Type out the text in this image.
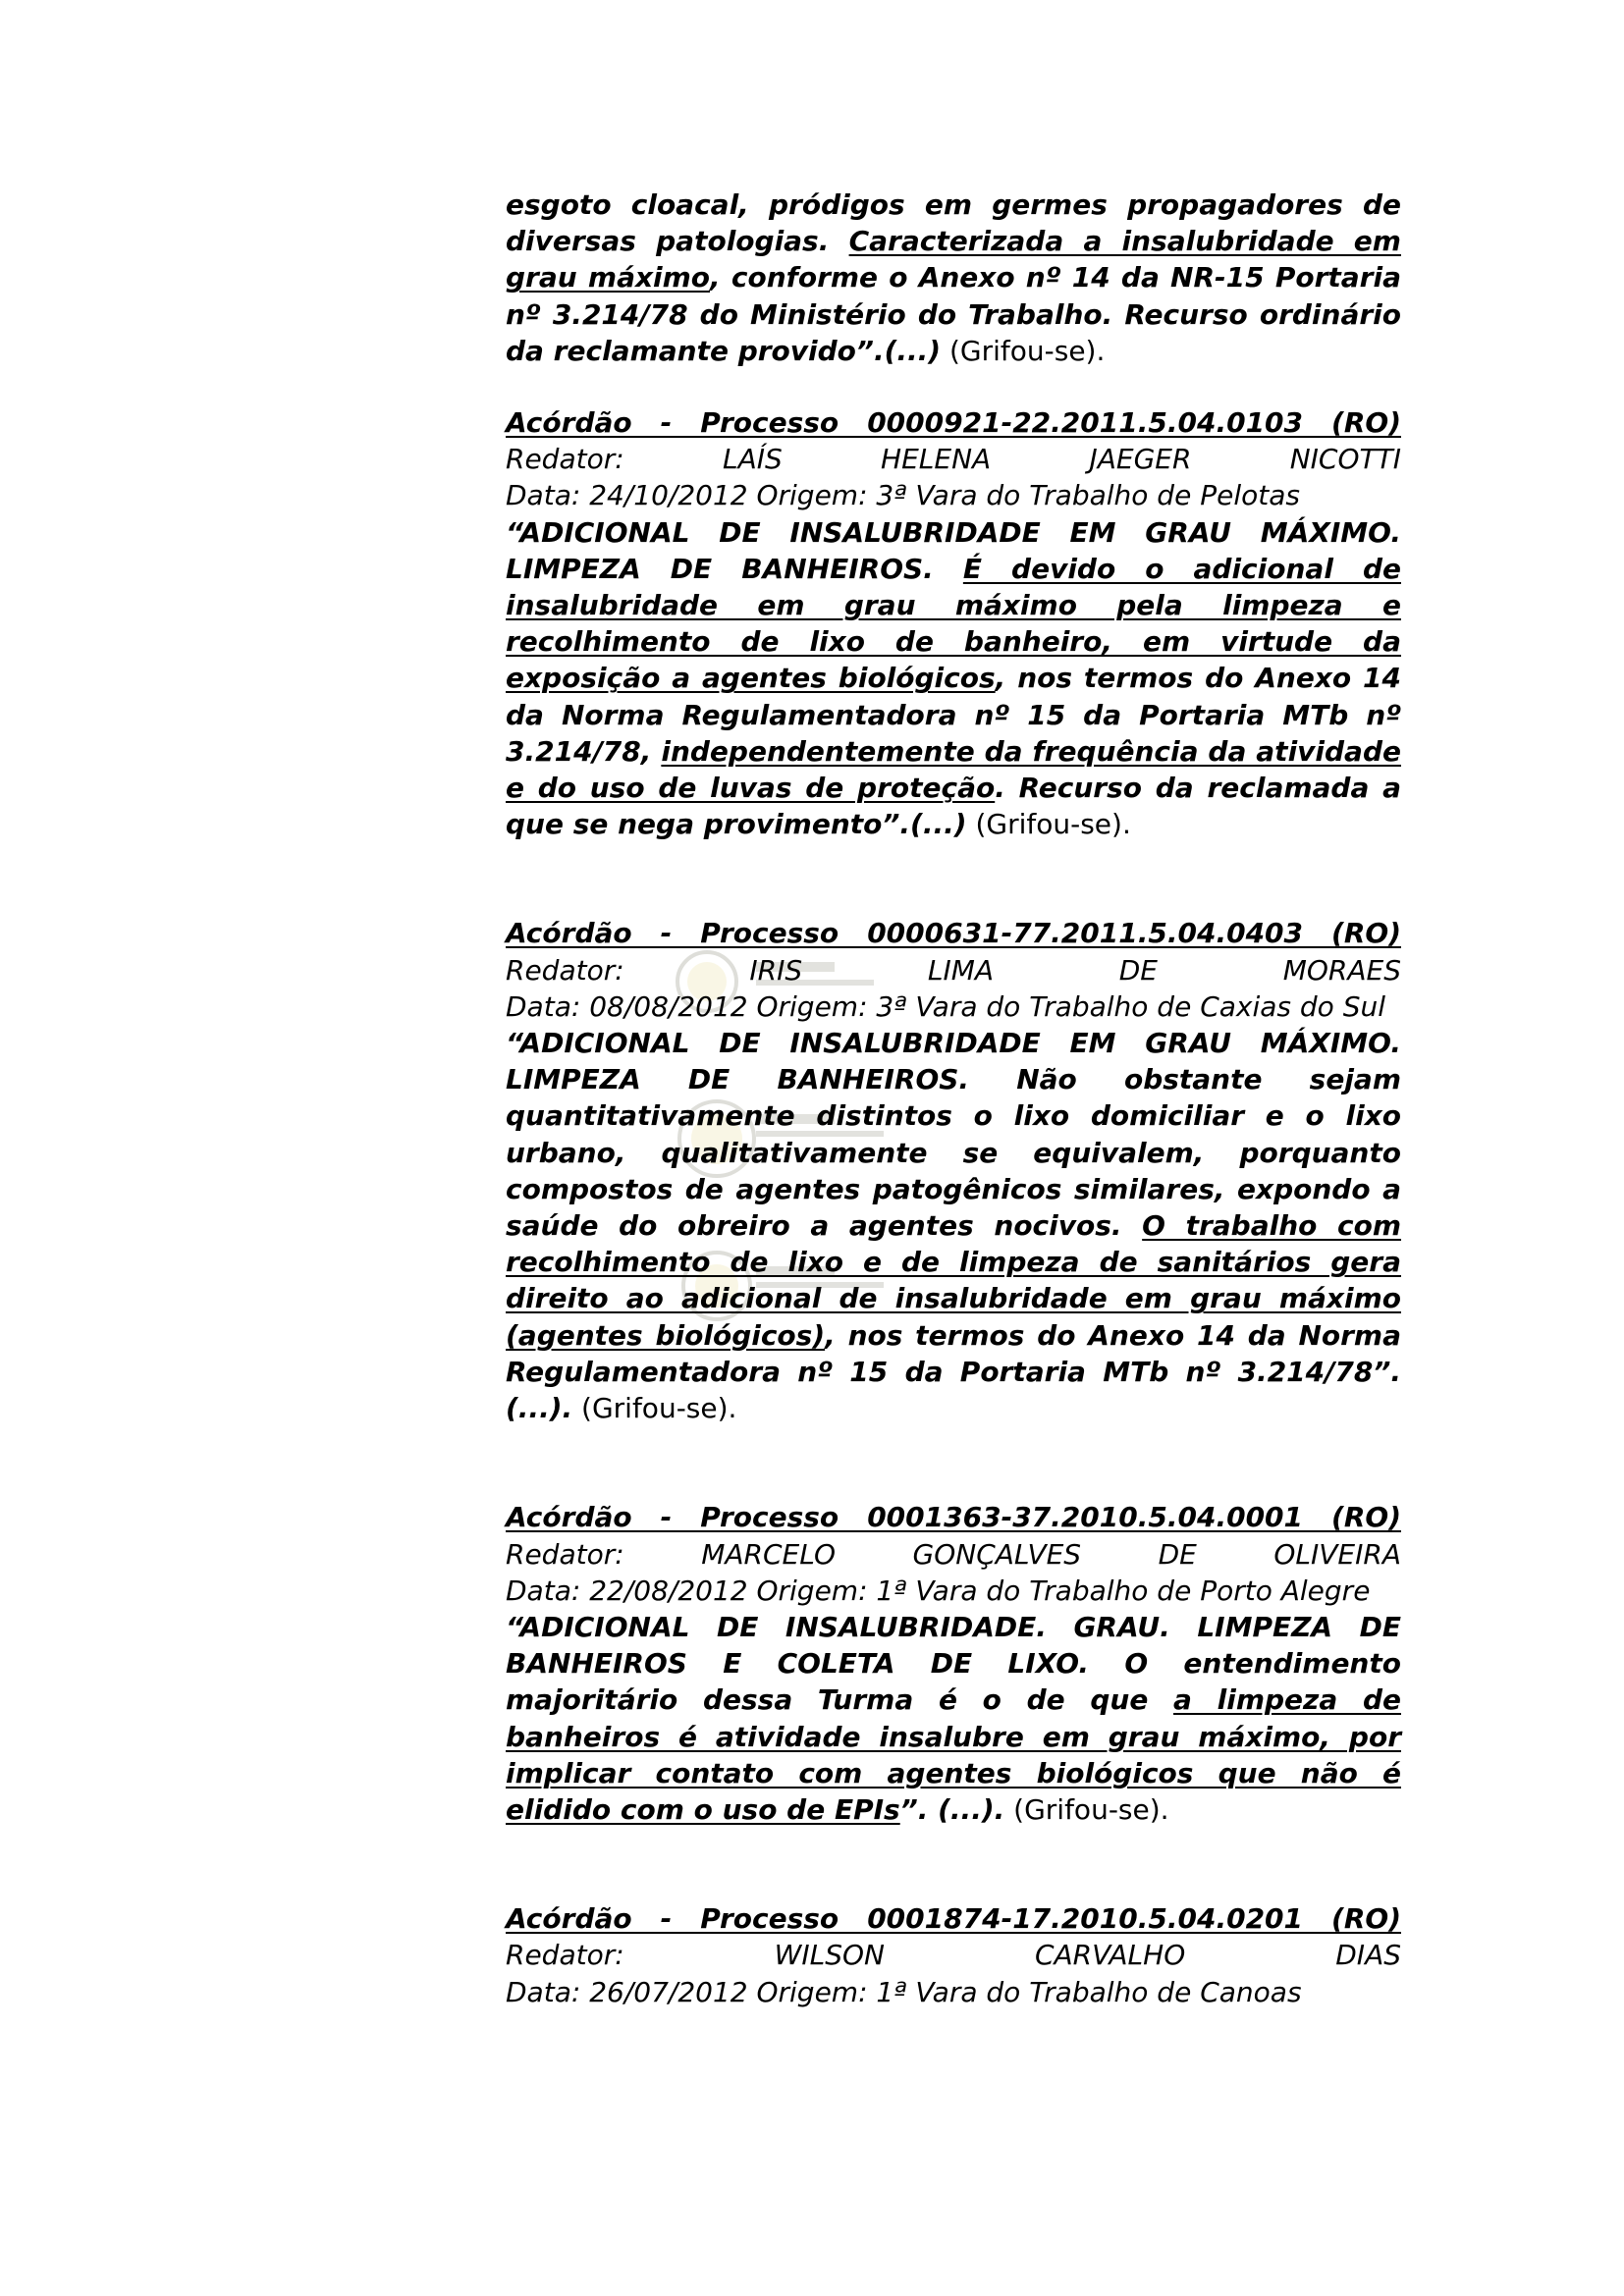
esgoto cloacal, pródigos em germes propagadores de diversas patologias. Caracterizada a insalubridade em grau máximo, conforme o Anexo nº 14 da NR-15 Portaria nº 3.214/78 do Ministério do Trabalho. Recurso ordinário da reclamante provido”.(...) (Grifou-se).

Acórdão - Processo 0000921-22.2011.5.04.0103 (RO)
Redator: LAÍS HELENA JAEGER NICOTTI
Data: 24/10/2012 Origem: 3ª Vara do Trabalho de Pelotas

“ADICIONAL DE INSALUBRIDADE EM GRAU MÁXIMO. LIMPEZA DE BANHEIROS. É devido o adicional de insalubridade em grau máximo pela limpeza e recolhimento de lixo de banheiro, em virtude da exposição a agentes biológicos, nos termos do Anexo 14 da Norma Regulamentadora nº 15 da Portaria MTb nº 3.214/78, independentemente da frequência da atividade e do uso de luvas de proteção. Recurso da reclamada a que se nega provimento”.(...) (Grifou-se).

Acórdão - Processo 0000631-77.2011.5.04.0403 (RO)
Redator: IRIS LIMA DE MORAES
Data: 08/08/2012 Origem: 3ª Vara do Trabalho de Caxias do Sul

“ADICIONAL DE INSALUBRIDADE EM GRAU MÁXIMO. LIMPEZA DE BANHEIROS. Não obstante sejam quantitativamente distintos o lixo domiciliar e o lixo urbano, qualitativamente se equivalem, porquanto compostos de agentes patogênicos similares, expondo a saúde do obreiro a agentes nocivos. O trabalho com recolhimento de lixo e de limpeza de sanitários gera direito ao adicional de insalubridade em grau máximo (agentes biológicos), nos termos do Anexo 14 da Norma Regulamentadora nº 15 da Portaria MTb nº 3.214/78”. (...). (Grifou-se).

Acórdão - Processo 0001363-37.2010.5.04.0001 (RO)
Redator: MARCELO GONÇALVES DE OLIVEIRA
Data: 22/08/2012 Origem: 1ª Vara do Trabalho de Porto Alegre

“ADICIONAL DE INSALUBRIDADE. GRAU. LIMPEZA DE BANHEIROS E COLETA DE LIXO. O entendimento majoritário dessa Turma é o de que a limpeza de banheiros é atividade insalubre em grau máximo, por implicar contato com agentes biológicos que não é elidido com o uso de EPIs”. (...). (Grifou-se).

Acórdão - Processo 0001874-17.2010.5.04.0201 (RO)
Redator: WILSON CARVALHO DIAS
Data: 26/07/2012 Origem: 1ª Vara do Trabalho de Canoas
